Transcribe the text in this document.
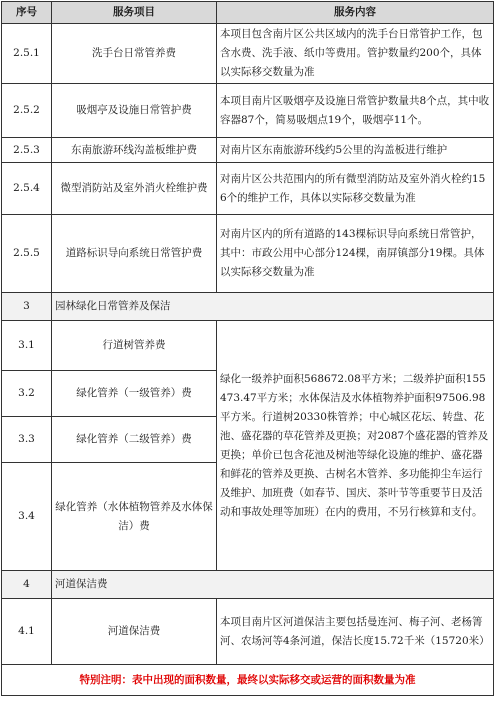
序号	服务项目	服务内容
2.5.1	洗手台日常管养费	本项目包含南片区公共区域内的洗手台日常管护工作，包含水费、洗手液、纸巾等费用。管护数量约200个，具体以实际移交数量为准
2.5.2	吸烟亭及设施日常管护费	本项目南片区吸烟亭及设施日常管护数量共8个点，其中收容器87个，简易吸烟点19个，吸烟亭11个。
2.5.3	东南旅游环线沟盖板维护费	对南片区东南旅游环线约5公里的沟盖板进行维护
2.5.4	微型消防站及室外消火栓维护费	对南片区公共范围内的所有微型消防站及室外消火栓约156个的维护工作，具体以实际移交数量为准
2.5.5	道路标识导向系统日常管护费	对南片区内的所有道路的143棵标识导向系统日常管护，其中：市政公用中心部分124棵，南屏镇部分19棵。具体以实际移交数量为准
3	园林绿化日常管养及保洁	
3.1	行道树管养费	绿化一级养护面积568672.08平方米；二级养护面积155473.47平方米；水体保洁及水体植物养护面积97506.98平方米。行道树20330株管养；中心城区花坛、转盘、花池、盛花器的草花管养及更换；对2087个盛花器的管养及更换；单价已包含花池及树池等绿化设施的维护、盛花器和鲜花的管养及更换、古树名木管养、多功能抑尘车运行及维护、加班费（如春节、国庆、茶叶节等重要节日及活动和事故处理等加班）在内的费用，不另行核算和支付。
3.2	绿化管养（一级管养）费	
3.3	绿化管养（二级管养）费	
3.4	绿化管养（水体植物管养及水体保洁）费	
4	河道保洁费	
4.1	河道保洁费	本项目南片区河道保洁主要包括曼连河、梅子河、老杨箐河、农场河等4条河道，保洁长度15.72千米（15720米）
特别注明：表中出现的面积数量，最终以实际移交或运营的面积数量为准		
